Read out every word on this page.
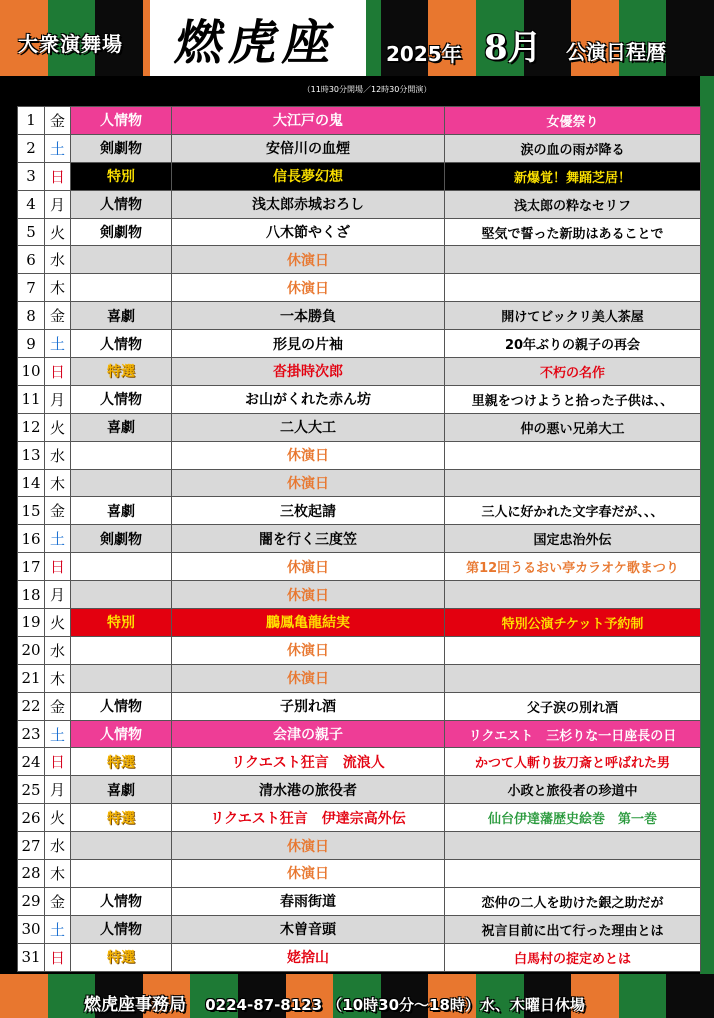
大衆演舞場 燃虎座 2025年 8月 公演日程暦
（11時30分開場／12時30分開演）
1	金	人情物	大江戸の鬼	女優祭り
2	土	剣劇物	安倍川の血煙	涙の血の雨が降る
3	日	特別	信長夢幻想	新爆覚！舞踊芝居！
4	月	人情物	浅太郎赤城おろし	浅太郎の粋なセリフ
5	火	剣劇物	八木節やくざ	堅気で誓った新助はあることで
6	水		休演日	
7	木		休演日	
8	金	喜劇	一本勝負	開けてビックリ美人茶屋
9	土	人情物	形見の片袖	20年ぶりの親子の再会
10	日	特選	沓掛時次郎	不朽の名作
11	月	人情物	お山がくれた赤ん坊	里親をつけようと拾った子供は、、
12	火	喜劇	二人大工	仲の悪い兄弟大工
13	水		休演日	
14	木		休演日	
15	金	喜劇	三枚起請	三人に好かれた文字春だが、、、
16	土	剣劇物	闇を行く三度笠	国定忠治外伝
17	日		休演日	第12回うるおい亭カラオケ歌まつり
18	月		休演日	
19	火	特別	鵬鳳亀龍結実	特別公演チケット予約制
20	水		休演日	
21	木		休演日	
22	金	人情物	子別れ酒	父子涙の別れ酒
23	土	人情物	会津の親子	リクエスト　三杉りな一日座長の日
24	日	特選	リクエスト狂言　流浪人	かつて人斬り抜刀斎と呼ばれた男
25	月	喜劇	清水港の旅役者	小政と旅役者の珍道中
26	火	特選	リクエスト狂言　伊達宗高外伝	仙台伊達藩歴史絵巻　第一巻
27	水		休演日	
28	木		休演日	
29	金	人情物	春雨街道	恋仲の二人を助けた銀之助だが
30	土	人情物	木曽音頭	祝言目前に出て行った理由とは
31	日	特選	姥捨山	白馬村の掟定めとは
燃虎座事務局 0224-87-8123 （10時30分～18時）水、木曜日休場
